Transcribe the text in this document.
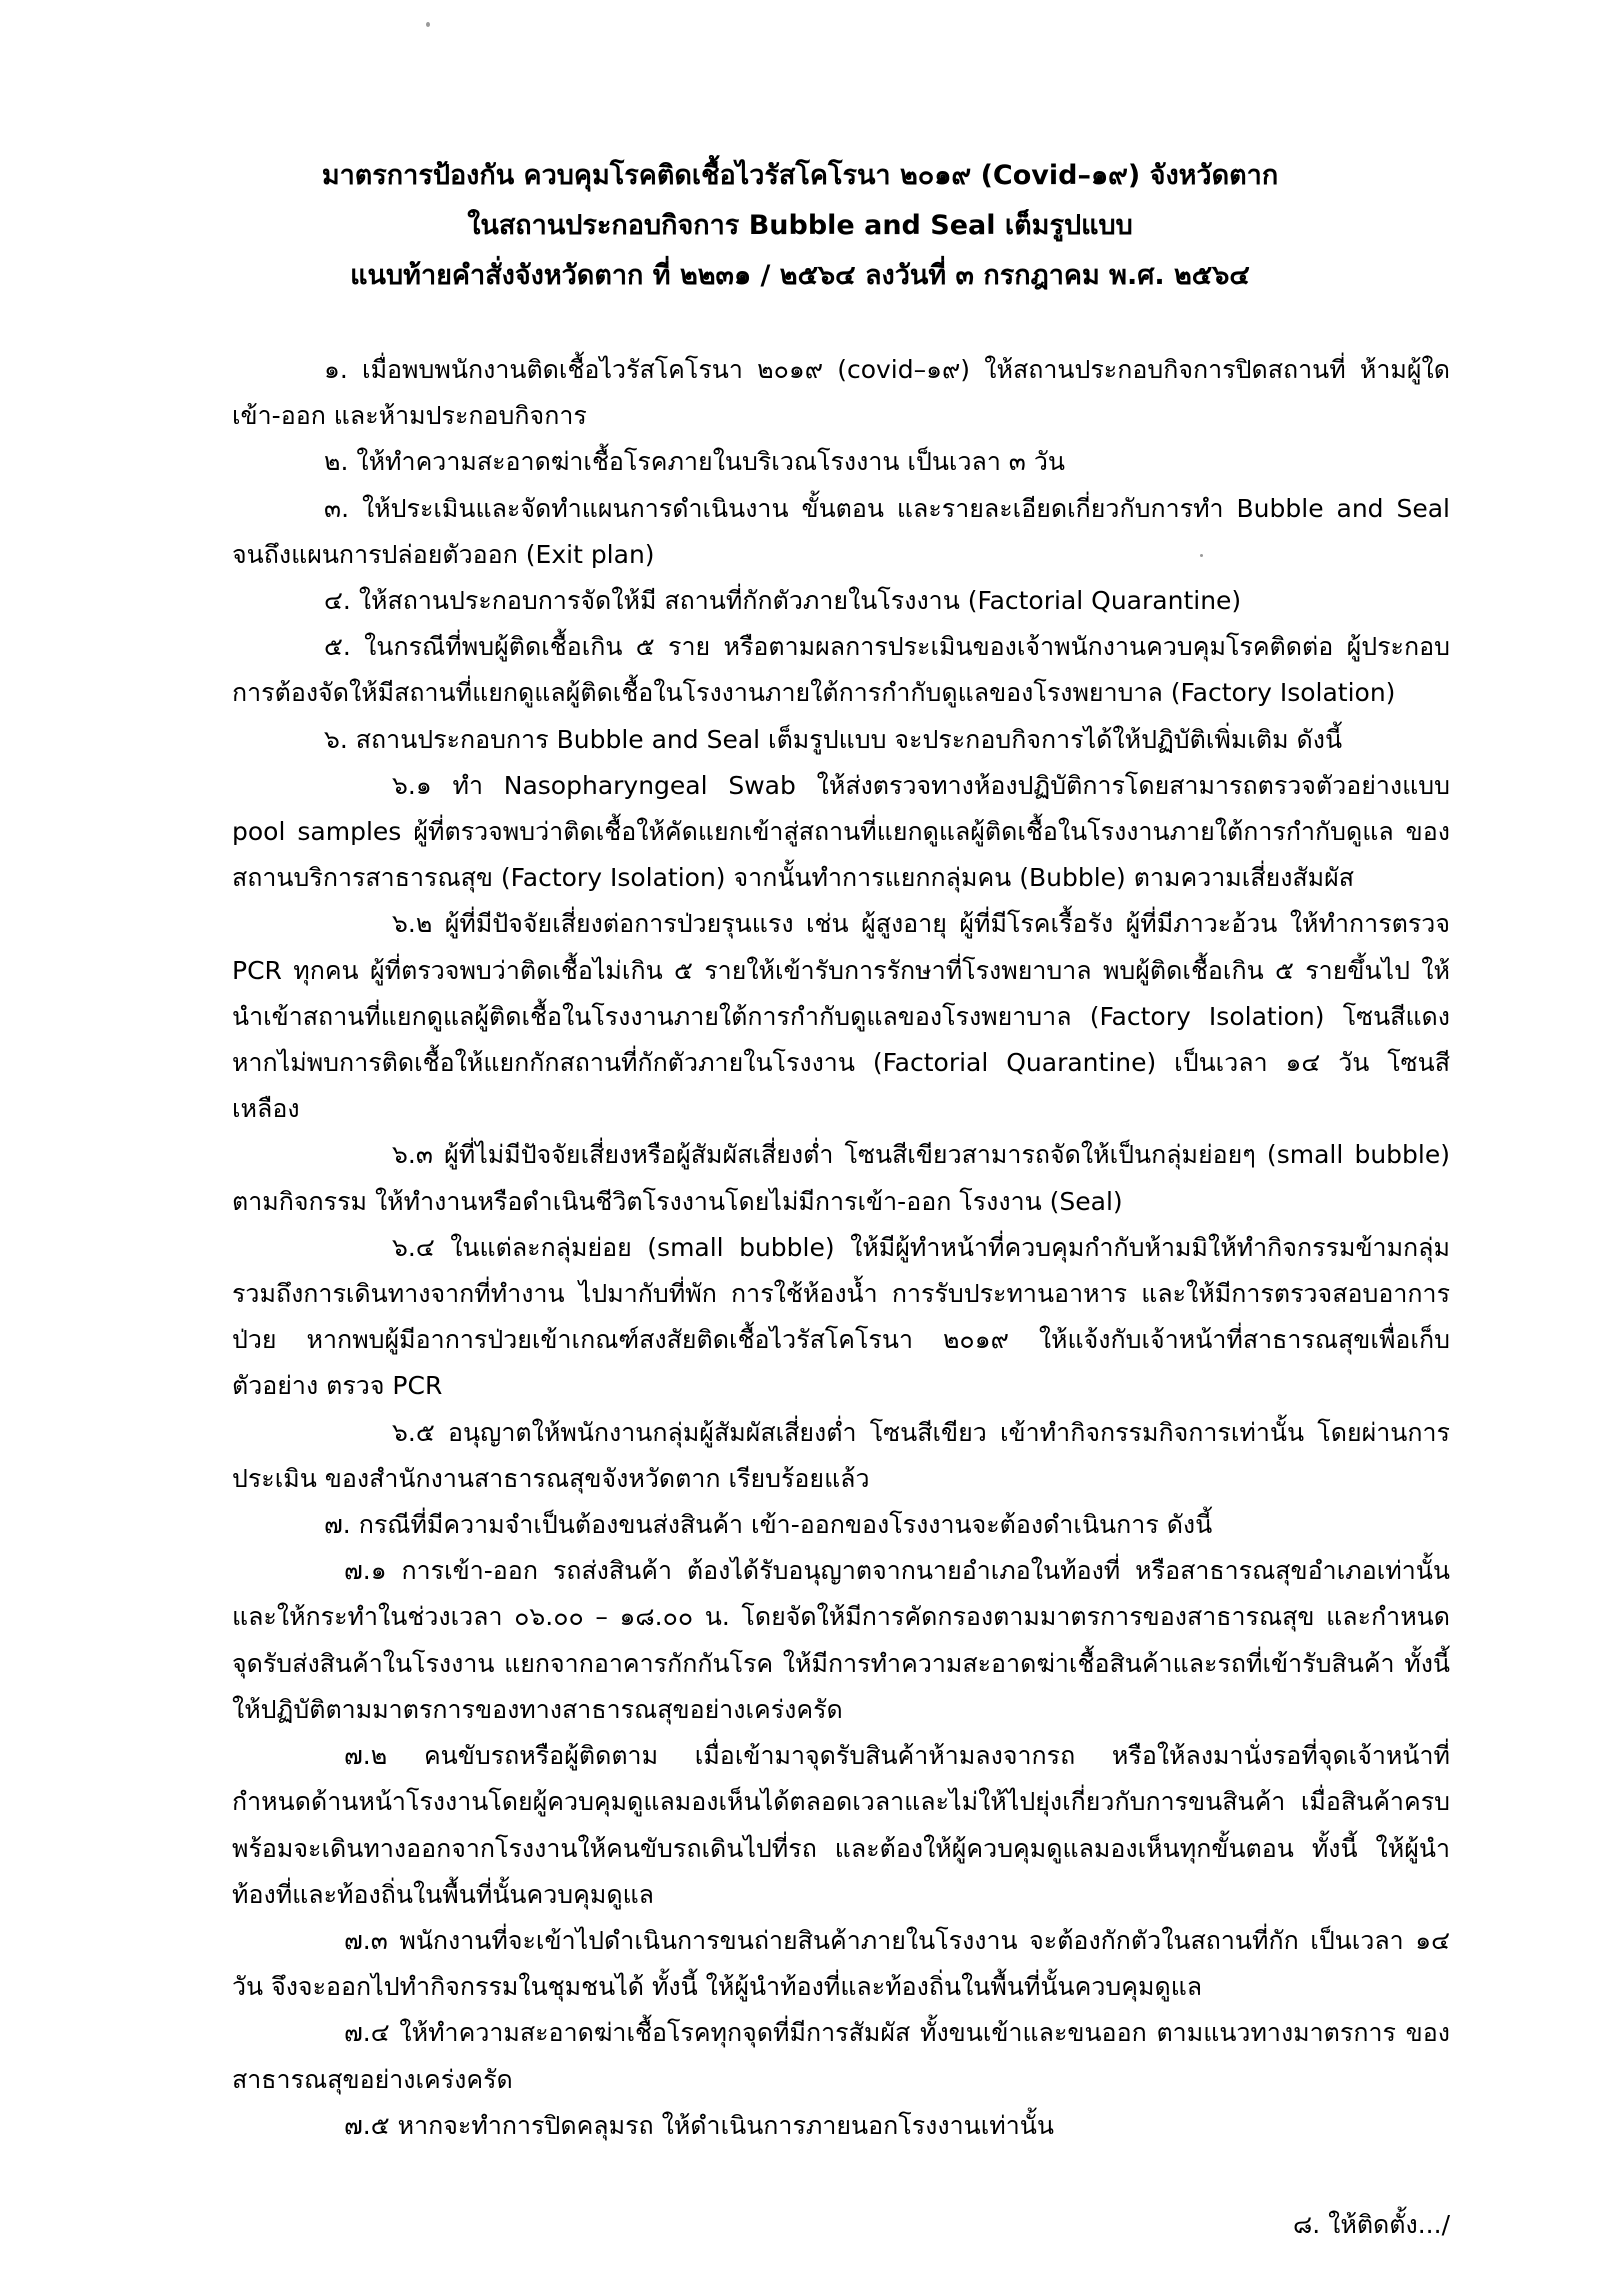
มาตรการป้องกัน ควบคุมโรคติดเชื้อไวรัสโคโรนา ๒๐๑๙ (Covid–๑๙) จังหวัดตาก
ในสถานประกอบกิจการ Bubble and Seal เต็มรูปแบบ
แนบท้ายคำสั่งจังหวัดตาก ที่ ๒๒๓๑ / ๒๕๖๔ ลงวันที่ ๓ กรกฎาคม พ.ศ. ๒๕๖๔

๑. เมื่อพบพนักงานติดเชื้อไวรัสโคโรนา ๒๐๑๙ (covid–๑๙) ให้สถานประกอบกิจการปิดสถานที่ ห้ามผู้ใด เข้า-ออก และห้ามประกอบกิจการ

๒. ให้ทำความสะอาดฆ่าเชื้อโรคภายในบริเวณโรงงาน เป็นเวลา ๓ วัน

๓. ให้ประเมินและจัดทำแผนการดำเนินงาน ขั้นตอน และรายละเอียดเกี่ยวกับการทำ Bubble and Seal จนถึงแผนการปล่อยตัวออก (Exit plan)

๔. ให้สถานประกอบการจัดให้มี สถานที่กักตัวภายในโรงงาน (Factorial Quarantine)

๕. ในกรณีที่พบผู้ติดเชื้อเกิน ๕ ราย หรือตามผลการประเมินของเจ้าพนักงานควบคุมโรคติดต่อ ผู้ประกอบการต้องจัดให้มีสถานที่แยกดูแลผู้ติดเชื้อในโรงงานภายใต้การกำกับดูแลของโรงพยาบาล (Factory Isolation)

๖. สถานประกอบการ Bubble and Seal เต็มรูปแบบ จะประกอบกิจการได้ให้ปฏิบัติเพิ่มเติม ดังนี้

๖.๑ ทำ Nasopharyngeal Swab ให้ส่งตรวจทางห้องปฏิบัติการโดยสามารถตรวจตัวอย่างแบบ pool samples ผู้ที่ตรวจพบว่าติดเชื้อให้คัดแยกเข้าสู่สถานที่แยกดูแลผู้ติดเชื้อในโรงงานภายใต้การกำกับดูแล ของสถานบริการสาธารณสุข (Factory Isolation) จากนั้นทำการแยกกลุ่มคน (Bubble) ตามความเสี่ยงสัมผัส

๖.๒ ผู้ที่มีปัจจัยเสี่ยงต่อการป่วยรุนแรง เช่น ผู้สูงอายุ ผู้ที่มีโรคเรื้อรัง ผู้ที่มีภาวะอ้วน ให้ทำการตรวจ PCR ทุกคน ผู้ที่ตรวจพบว่าติดเชื้อไม่เกิน ๕ รายให้เข้ารับการรักษาที่โรงพยาบาล พบผู้ติดเชื้อเกิน ๕ รายขึ้นไป ให้นำเข้าสถานที่แยกดูแลผู้ติดเชื้อในโรงงานภายใต้การกำกับดูแลของโรงพยาบาล (Factory Isolation) โซนสีแดง หากไม่พบการติดเชื้อให้แยกกักสถานที่กักตัวภายในโรงงาน (Factorial Quarantine) เป็นเวลา ๑๔ วัน โซนสีเหลือง

๖.๓ ผู้ที่ไม่มีปัจจัยเสี่ยงหรือผู้สัมผัสเสี่ยงต่ำ โซนสีเขียวสามารถจัดให้เป็นกลุ่มย่อยๆ (small bubble) ตามกิจกรรม ให้ทำงานหรือดำเนินชีวิตโรงงานโดยไม่มีการเข้า-ออก โรงงาน (Seal)

๖.๔ ในแต่ละกลุ่มย่อย (small bubble) ให้มีผู้ทำหน้าที่ควบคุมกำกับห้ามมิให้ทำกิจกรรมข้ามกลุ่ม รวมถึงการเดินทางจากที่ทำงาน ไปมากับที่พัก การใช้ห้องน้ำ การรับประทานอาหาร และให้มีการตรวจสอบอาการป่วย หากพบผู้มีอาการป่วยเข้าเกณฑ์สงสัยติดเชื้อไวรัสโคโรนา ๒๐๑๙ ให้แจ้งกับเจ้าหน้าที่สาธารณสุขเพื่อเก็บตัวอย่าง ตรวจ PCR

๖.๕ อนุญาตให้พนักงานกลุ่มผู้สัมผัสเสี่ยงต่ำ โซนสีเขียว เข้าทำกิจกรรมกิจการเท่านั้น โดยผ่านการประเมิน ของสำนักงานสาธารณสุขจังหวัดตาก เรียบร้อยแล้ว

๗. กรณีที่มีความจำเป็นต้องขนส่งสินค้า เข้า-ออกของโรงงานจะต้องดำเนินการ ดังนี้

๗.๑ การเข้า-ออก รถส่งสินค้า ต้องได้รับอนุญาตจากนายอำเภอในท้องที่ หรือสาธารณสุขอำเภอเท่านั้น และให้กระทำในช่วงเวลา ๐๖.๐๐ – ๑๘.๐๐ น. โดยจัดให้มีการคัดกรองตามมาตรการของสาธารณสุข และกำหนด จุดรับส่งสินค้าในโรงงาน แยกจากอาคารกักกันโรค ให้มีการทำความสะอาดฆ่าเชื้อสินค้าและรถที่เข้ารับสินค้า ทั้งนี้ ให้ปฏิบัติตามมาตรการของทางสาธารณสุขอย่างเคร่งครัด

๗.๒ คนขับรถหรือผู้ติดตาม เมื่อเข้ามาจุดรับสินค้าห้ามลงจากรถ หรือให้ลงมานั่งรอที่จุดเจ้าหน้าที่ กำหนดด้านหน้าโรงงานโดยผู้ควบคุมดูแลมองเห็นได้ตลอดเวลาและไม่ให้ไปยุ่งเกี่ยวกับการขนสินค้า เมื่อสินค้าครบ พร้อมจะเดินทางออกจากโรงงานให้คนขับรถเดินไปที่รถ และต้องให้ผู้ควบคุมดูแลมองเห็นทุกขั้นตอน ทั้งนี้ ให้ผู้นำท้องที่และท้องถิ่นในพื้นที่นั้นควบคุมดูแล

๗.๓ พนักงานที่จะเข้าไปดำเนินการขนถ่ายสินค้าภายในโรงงาน จะต้องกักตัวในสถานที่กัก เป็นเวลา ๑๔ วัน จึงจะออกไปทำกิจกรรมในชุมชนได้ ทั้งนี้ ให้ผู้นำท้องที่และท้องถิ่นในพื้นที่นั้นควบคุมดูแล

๗.๔ ให้ทำความสะอาดฆ่าเชื้อโรคทุกจุดที่มีการสัมผัส ทั้งขนเข้าและขนออก ตามแนวทางมาตรการ ของสาธารณสุขอย่างเคร่งครัด

๗.๕ หากจะทำการปิดคลุมรถ ให้ดำเนินการภายนอกโรงงานเท่านั้น

๘. ให้ติดตั้ง.../
